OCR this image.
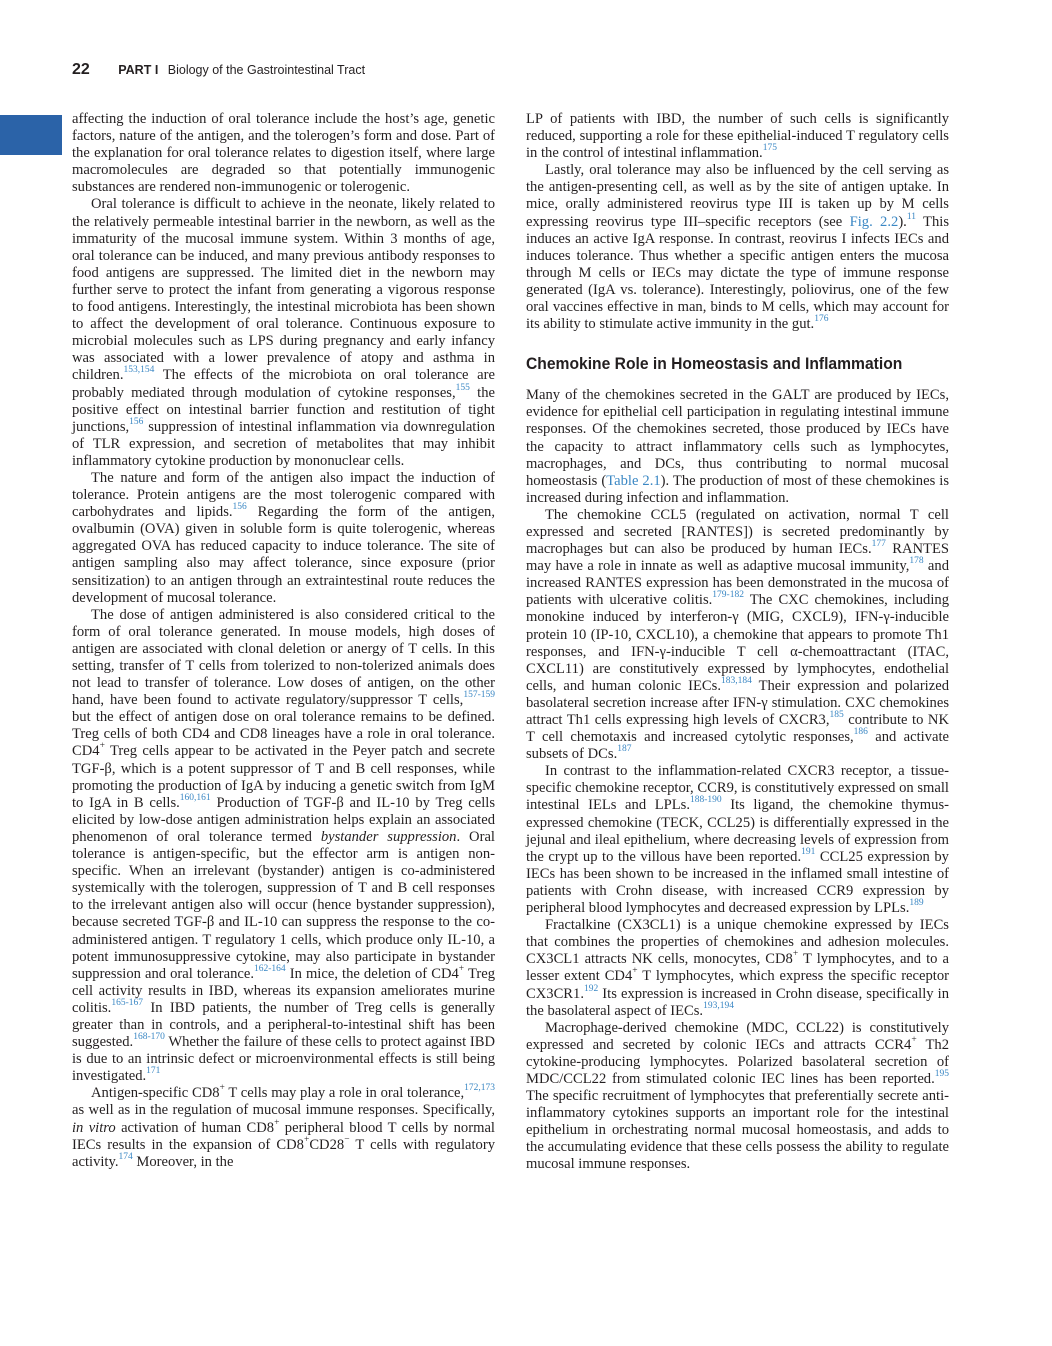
22 PART I Biology of the Gastrointestinal Tract

affecting the induction of oral tolerance include the host’s age, genetic factors, nature of the antigen, and the tolerogen’s form and dose. Part of the explanation for oral tolerance relates to digestion itself, where large macromolecules are degraded so that potentially immunogenic substances are rendered non-immunogenic or tolerogenic.

Oral tolerance is difficult to achieve in the neonate, likely related to the relatively permeable intestinal barrier in the newborn, as well as the immaturity of the mucosal immune system. Within 3 months of age, oral tolerance can be induced, and many previous antibody responses to food antigens are suppressed. The limited diet in the newborn may further serve to protect the infant from generating a vigorous response to food antigens. Interestingly, the intestinal microbiota has been shown to affect the development of oral tolerance. Continuous exposure to microbial molecules such as LPS during pregnancy and early infancy was associated with a lower prevalence of atopy and asthma in children.$^{153,154}$ The effects of the microbiota on oral tolerance are probably mediated through modulation of cytokine responses,$^{155}$ the positive effect on intestinal barrier function and restitution of tight junctions,$^{156}$ suppression of intestinal inflammation via downregulation of TLR expression, and secretion of metabolites that may inhibit inflammatory cytokine production by mononuclear cells.

The nature and form of the antigen also impact the induction of tolerance. Protein antigens are the most tolerogenic compared with carbohydrates and lipids.$^{156}$ Regarding the form of the antigen, ovalbumin (OVA) given in soluble form is quite tolerogenic, whereas aggregated OVA has reduced capacity to induce tolerance. The site of antigen sampling also may affect tolerance, since exposure (prior sensitization) to an antigen through an extraintestinal route reduces the development of mucosal tolerance.

The dose of antigen administered is also considered critical to the form of oral tolerance generated. In mouse models, high doses of antigen are associated with clonal deletion or anergy of T cells. In this setting, transfer of T cells from tolerized to non-tolerized animals does not lead to transfer of tolerance. Low doses of antigen, on the other hand, have been found to activate regulatory/suppressor T cells,$^{157-159}$ but the effect of antigen dose on oral tolerance remains to be defined. Treg cells of both CD4 and CD8 lineages have a role in oral tolerance. CD4+ Treg cells appear to be activated in the Peyer patch and secrete TGF-β, which is a potent suppressor of T and B cell responses, while promoting the production of IgA by inducing a genetic switch from IgM to IgA in B cells.$^{160,161}$ Production of TGF-β and IL-10 by Treg cells elicited by low-dose antigen administration helps explain an associated phenomenon of oral tolerance termed bystander suppression. Oral tolerance is antigen-specific, but the effector arm is antigen non-specific. When an irrelevant (bystander) antigen is co-administered systemically with the tolerogen, suppression of T and B cell responses to the irrelevant antigen also will occur (hence bystander suppression), because secreted TGF-β and IL-10 can suppress the response to the co-administered antigen. T regulatory 1 cells, which produce only IL-10, a potent immunosuppressive cytokine, may also participate in bystander suppression and oral tolerance.$^{162-164}$ In mice, the deletion of CD4+ Treg cell activity results in IBD, whereas its expansion ameliorates murine colitis.$^{165-167}$ In IBD patients, the number of Treg cells is generally greater than in controls, and a peripheral-to-intestinal shift has been suggested.$^{168-170}$ Whether the failure of these cells to protect against IBD is due to an intrinsic defect or microenvironmental effects is still being investigated.$^{171}$

Antigen-specific CD8+ T cells may play a role in oral tolerance,$^{172,173}$ as well as in the regulation of mucosal immune responses. Specifically, in vitro activation of human CD8+ peripheral blood T cells by normal IECs results in the expansion of CD8+CD28− T cells with regulatory activity.$^{174}$ Moreover, in the

LP of patients with IBD, the number of such cells is significantly reduced, supporting a role for these epithelial-induced T regulatory cells in the control of intestinal inflammation.$^{175}$

Lastly, oral tolerance may also be influenced by the cell serving as the antigen-presenting cell, as well as by the site of antigen uptake. In mice, orally administered reovirus type III is taken up by M cells expressing reovirus type III–specific receptors (see Fig. 2.2).$^{11}$ This induces an active IgA response. In contrast, reovirus I infects IECs and induces tolerance. Thus whether a specific antigen enters the mucosa through M cells or IECs may dictate the type of immune response generated (IgA vs. tolerance). Interestingly, poliovirus, one of the few oral vaccines effective in man, binds to M cells, which may account for its ability to stimulate active immunity in the gut.$^{176}$

Chemokine Role in Homeostasis and Inflammation

Many of the chemokines secreted in the GALT are produced by IECs, evidence for epithelial cell participation in regulating intestinal immune responses. Of the chemokines secreted, those produced by IECs have the capacity to attract inflammatory cells such as lymphocytes, macrophages, and DCs, thus contributing to normal mucosal homeostasis (Table 2.1). The production of most of these chemokines is increased during infection and inflammation.

The chemokine CCL5 (regulated on activation, normal T cell expressed and secreted [RANTES]) is secreted predominantly by macrophages but can also be produced by human IECs.$^{177}$ RANTES may have a role in innate as well as adaptive mucosal immunity,$^{178}$ and increased RANTES expression has been demonstrated in the mucosa of patients with ulcerative colitis.$^{179-182}$ The CXC chemokines, including monokine induced by interferon-γ (MIG, CXCL9), IFN-γ-inducible protein 10 (IP-10, CXCL10), a chemokine that appears to promote Th1 responses, and IFN-γ-inducible T cell α-chemoattractant (ITAC, CXCL11) are constitutively expressed by lymphocytes, endothelial cells, and human colonic IECs.$^{183,184}$ Their expression and polarized basolateral secretion increase after IFN-γ stimulation. CXC chemokines attract Th1 cells expressing high levels of CXCR3,$^{185}$ contribute to NK T cell chemotaxis and increased cytolytic responses,$^{186}$ and activate subsets of DCs.$^{187}$

In contrast to the inflammation-related CXCR3 receptor, a tissue-specific chemokine receptor, CCR9, is constitutively expressed on small intestinal IELs and LPLs.$^{188-190}$ Its ligand, the chemokine thymus-expressed chemokine (TECK, CCL25) is differentially expressed in the jejunal and ileal epithelium, where decreasing levels of expression from the crypt up to the villous have been reported.$^{191}$ CCL25 expression by IECs has been shown to be increased in the inflamed small intestine of patients with Crohn disease, with increased CCR9 expression by peripheral blood lymphocytes and decreased expression by LPLs.$^{189}$

Fractalkine (CX3CL1) is a unique chemokine expressed by IECs that combines the properties of chemokines and adhesion molecules. CX3CL1 attracts NK cells, monocytes, CD8+ T lymphocytes, and to a lesser extent CD4+ T lymphocytes, which express the specific receptor CX3CR1.$^{192}$ Its expression is increased in Crohn disease, specifically in the basolateral aspect of IECs.$^{193,194}$

Macrophage-derived chemokine (MDC, CCL22) is constitutively expressed and secreted by colonic IECs and attracts CCR4+ Th2 cytokine-producing lymphocytes. Polarized basolateral secretion of MDC/CCL22 from stimulated colonic IEC lines has been reported.$^{195}$ The specific recruitment of lymphocytes that preferentially secrete anti-inflammatory cytokines supports an important role for the intestinal epithelium in orchestrating normal mucosal homeostasis, and adds to the accumulating evidence that these cells possess the ability to regulate mucosal immune responses.
